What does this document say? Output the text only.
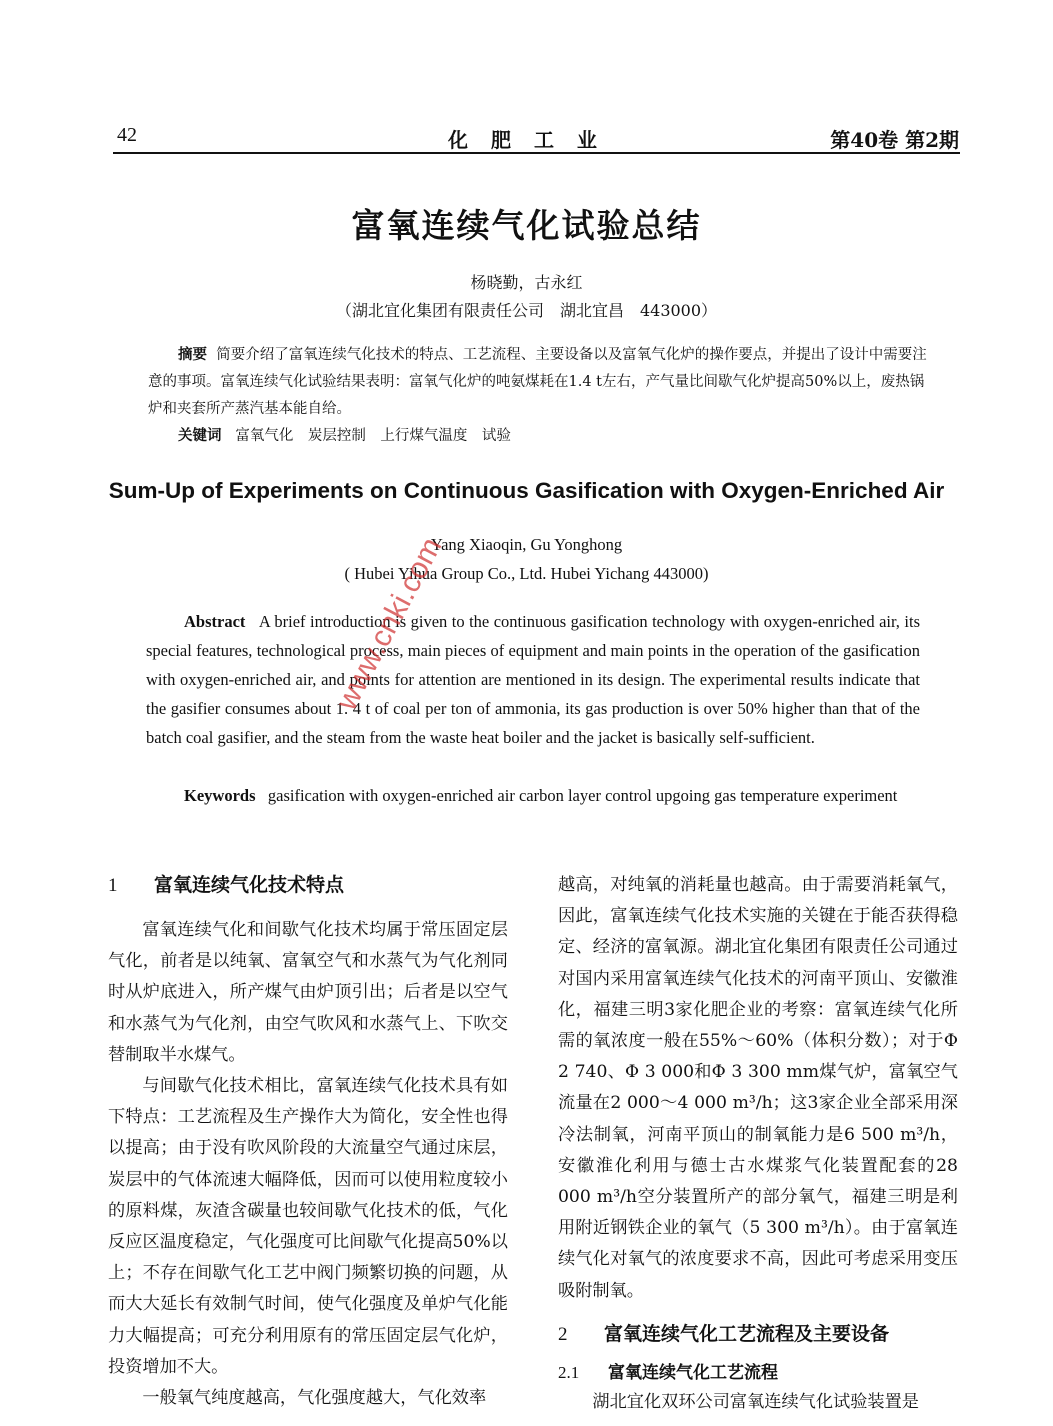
42	化 肥 工 业	第40卷 第2期
富氧连续气化试验总结
杨晓勤，古永红
（湖北宜化集团有限责任公司　湖北宜昌　443000）
摘要 简要介绍了富氧连续气化技术的特点、工艺流程、主要设备以及富氧气化炉的操作要点，并提出了设计中需要注意的事项。富氧连续气化试验结果表明：富氧气化炉的吨氨煤耗在1.4 t左右，产气量比间歇气化炉提高50%以上，废热锅炉和夹套所产蒸汽基本能自给。
关键词 富氧气化　炭层控制　上行煤气温度　试验
Sum-Up of Experiments on Continuous Gasification with Oxygen-Enriched Air
Yang Xiaoqin, Gu Yonghong
( Hubei Yihua Group Co., Ltd. Hubei Yichang 443000)
Abstract A brief introduction is given to the continuous gasification technology with oxygen-enriched air, its special features, technological process, main pieces of equipment and main points in the operation of the gasification with oxygen-enriched air, and points for attention are mentioned in its design. The experimental results indicate that the gasifier consumes about 1. 4 t of coal per ton of ammonia, its gas production is over 50% higher than that of the batch coal gasifier, and the steam from the waste heat boiler and the jacket is basically self-sufficient.
Keywords gasification with oxygen-enriched air carbon layer control upgoing gas temperature experiment
www.cnki.com
1 富氧连续气化技术特点

富氧连续气化和间歇气化技术均属于常压固定层气化，前者是以纯氧、富氧空气和水蒸气为气化剂同时从炉底进入，所产煤气由炉顶引出；后者是以空气和水蒸气为气化剂，由空气吹风和水蒸气上、下吹交替制取半水煤气。

与间歇气化技术相比，富氧连续气化技术具有如下特点：工艺流程及生产操作大为简化，安全性也得以提高；由于没有吹风阶段的大流量空气通过床层，炭层中的气体流速大幅降低，因而可以使用粒度较小的原料煤，灰渣含碳量也较间歇气化技术的低，气化反应区温度稳定，气化强度可比间歇气化提高50%以上；不存在间歇气化工艺中阀门频繁切换的问题，从而大大延长有效制气时间，使气化强度及单炉气化能力大幅提高；可充分利用原有的常压固定层气化炉，投资增加不大。

一般氧气纯度越高，气化强度越大，气化效率

越高，对纯氧的消耗量也越高。由于需要消耗氧气，因此，富氧连续气化技术实施的关键在于能否获得稳定、经济的富氧源。湖北宜化集团有限责任公司通过对国内采用富氧连续气化技术的河南平顶山、安徽淮化，福建三明3家化肥企业的考察：富氧连续气化所需的氧浓度一般在55%～60%（体积分数）；对于Φ 2 740、Φ 3 000和Φ 3 300 mm煤气炉，富氧空气流量在2 000～4 000 m³/h；这3家企业全部采用深冷法制氧，河南平顶山的制氧能力是6 500 m³/h，安徽淮化利用与德士古水煤浆气化装置配套的28 000 m³/h空分装置所产的部分氧气，福建三明是利用附近钢铁企业的氧气（5 300 m³/h）。由于富氧连续气化对氧气的浓度要求不高，因此可考虑采用变压吸附制氧。

2 富氧连续气化工艺流程及主要设备
2.1 富氧连续气化工艺流程

湖北宜化双环公司富氧连续气化试验装置是
